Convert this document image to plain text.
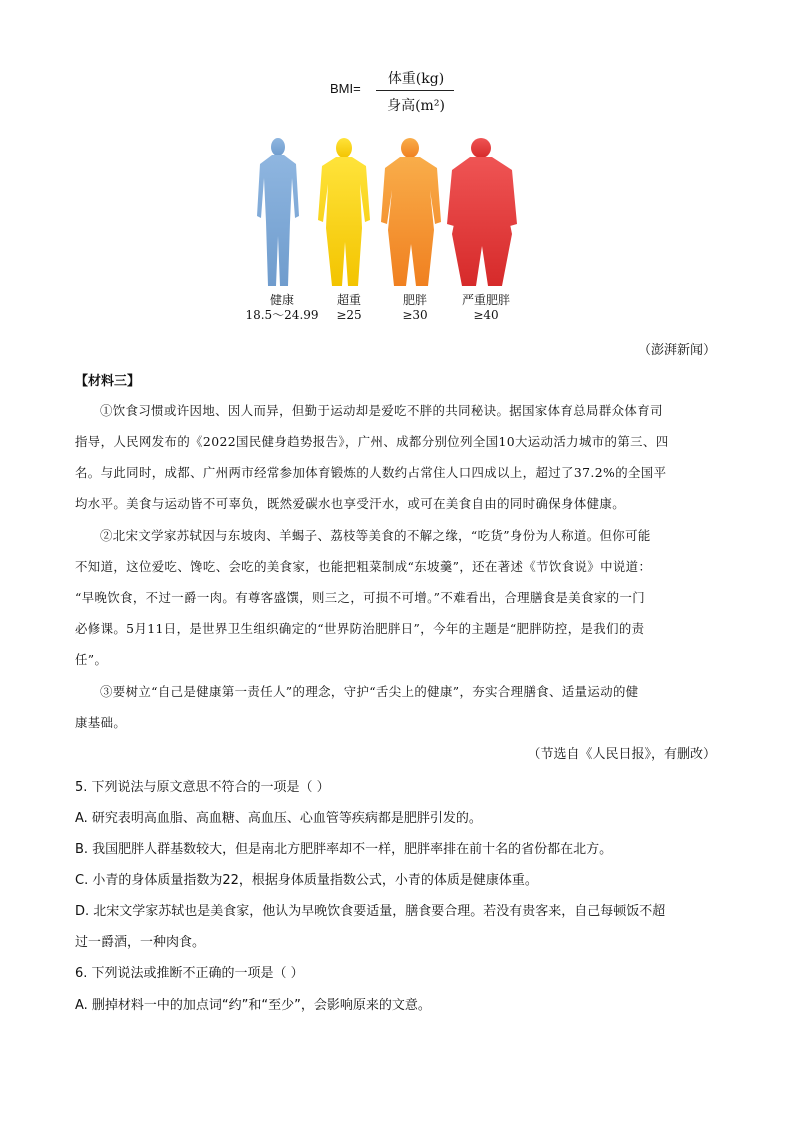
BMI=
体重(kg)
身高(m²)
健康
18.5～24.99
超重
≥25
肥胖
≥30
严重肥胖
≥40
（澎湃新闻）
【材料三】
①饮食习惯或许因地、因人而异，但勤于运动却是爱吃不胖的共同秘诀。据国家体育总局群众体育司
指导，人民网发布的《2022国民健身趋势报告》，广州、成都分别位列全国10大运动活力城市的第三、四
名。与此同时，成都、广州两市经常参加体育锻炼的人数约占常住人口四成以上，超过了37.2%的全国平
均水平。美食与运动皆不可辜负，既然爱碳水也享受汗水，或可在美食自由的同时确保身体健康。
②北宋文学家苏轼因与东坡肉、羊蝎子、荔枝等美食的不解之缘，“吃货”身份为人称道。但你可能
不知道，这位爱吃、馋吃、会吃的美食家，也能把粗菜制成“东坡羹”，还在著述《节饮食说》中说道：
“早晚饮食，不过一爵一肉。有尊客盛馔，则三之，可损不可增。”不难看出，合理膳食是美食家的一门
必修课。5月11日，是世界卫生组织确定的“世界防治肥胖日”，今年的主题是“肥胖防控，是我们的责
任”。
③要树立“自己是健康第一责任人”的理念，守护“舌尖上的健康”，夯实合理膳食、适量运动的健
康基础。
（节选自《人民日报》，有删改）
5. 下列说法与原文意思不符合的一项是（ ）
A. 研究表明高血脂、高血糖、高血压、心血管等疾病都是肥胖引发的。
B. 我国肥胖人群基数较大，但是南北方肥胖率却不一样，肥胖率排在前十名的省份都在北方。
C. 小青的身体质量指数为22，根据身体质量指数公式，小青的体质是健康体重。
D. 北宋文学家苏轼也是美食家，他认为早晚饮食要适量，膳食要合理。若没有贵客来，自己每顿饭不超
过一爵酒，一种肉食。
6. 下列说法或推断不正确的一项是（ ）
A. 删掉材料一中的加点词“约”和“至少”，会影响原来的文意。
